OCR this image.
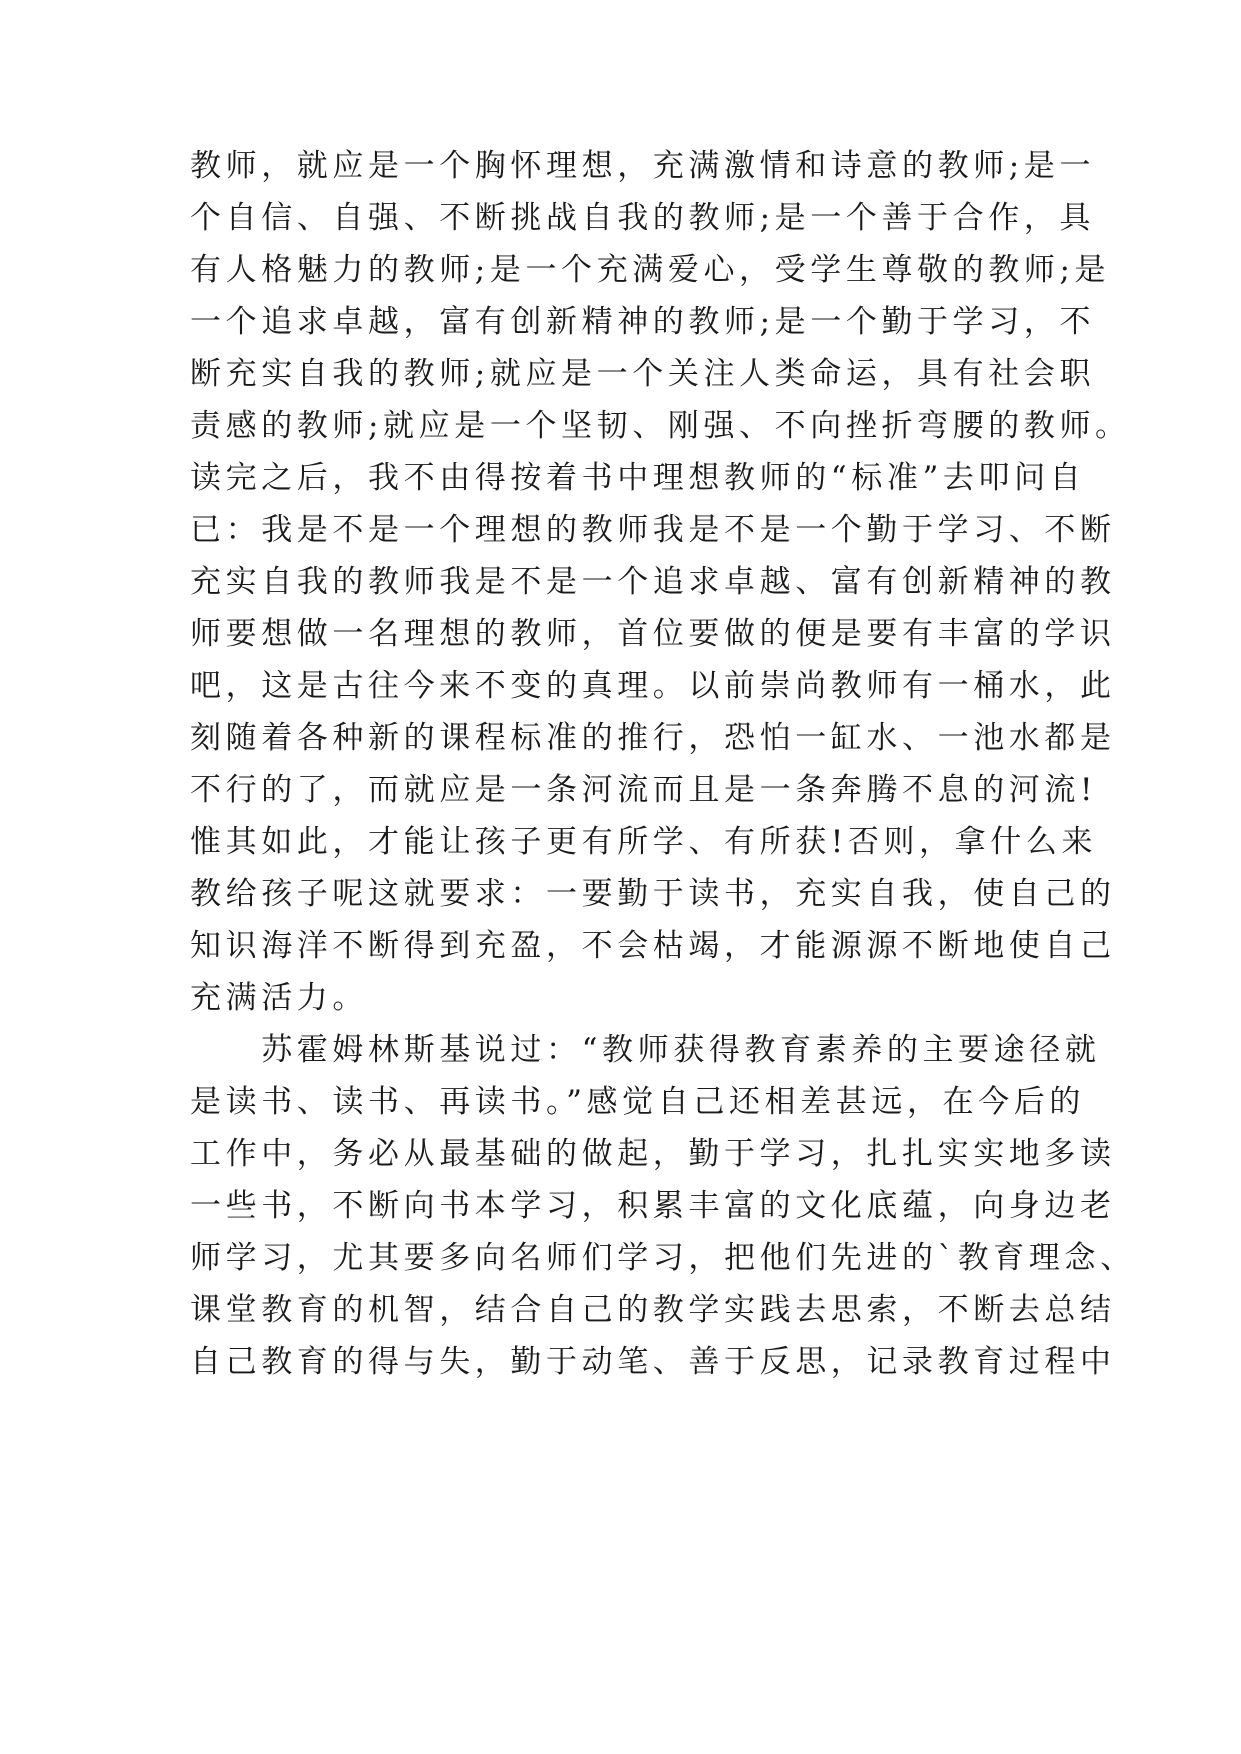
教师，就应是一个胸怀理想，充满激情和诗意的教师;是一
个自信、自强、不断挑战自我的教师;是一个善于合作，具
有人格魅力的教师;是一个充满爱心，受学生尊敬的教师;是
一个追求卓越，富有创新精神的教师;是一个勤于学习，不
断充实自我的教师;就应是一个关注人类命运，具有社会职
责感的教师;就应是一个坚韧、刚强、不向挫折弯腰的教师。
读完之后，我不由得按着书中理想教师的“标准”去叩问自
已：我是不是一个理想的教师我是不是一个勤于学习、不断
充实自我的教师我是不是一个追求卓越、富有创新精神的教
师要想做一名理想的教师，首位要做的便是要有丰富的学识
吧，这是古往今来不变的真理。以前崇尚教师有一桶水，此
刻随着各种新的课程标准的推行，恐怕一缸水、一池水都是
不行的了，而就应是一条河流而且是一条奔腾不息的河流!
惟其如此，才能让孩子更有所学、有所获!否则，拿什么来
教给孩子呢这就要求：一要勤于读书，充实自我，使自己的
知识海洋不断得到充盈，不会枯竭，才能源源不断地使自己
充满活力。
　　苏霍姆林斯基说过：“教师获得教育素养的主要途径就
是读书、读书、再读书。”感觉自己还相差甚远，在今后的
工作中，务必从最基础的做起，勤于学习，扎扎实实地多读
一些书，不断向书本学习，积累丰富的文化底蕴，向身边老
师学习，尤其要多向名师们学习，把他们先进的`教育理念、
课堂教育的机智，结合自己的教学实践去思索，不断去总结
自己教育的得与失，勤于动笔、善于反思，记录教育过程中
